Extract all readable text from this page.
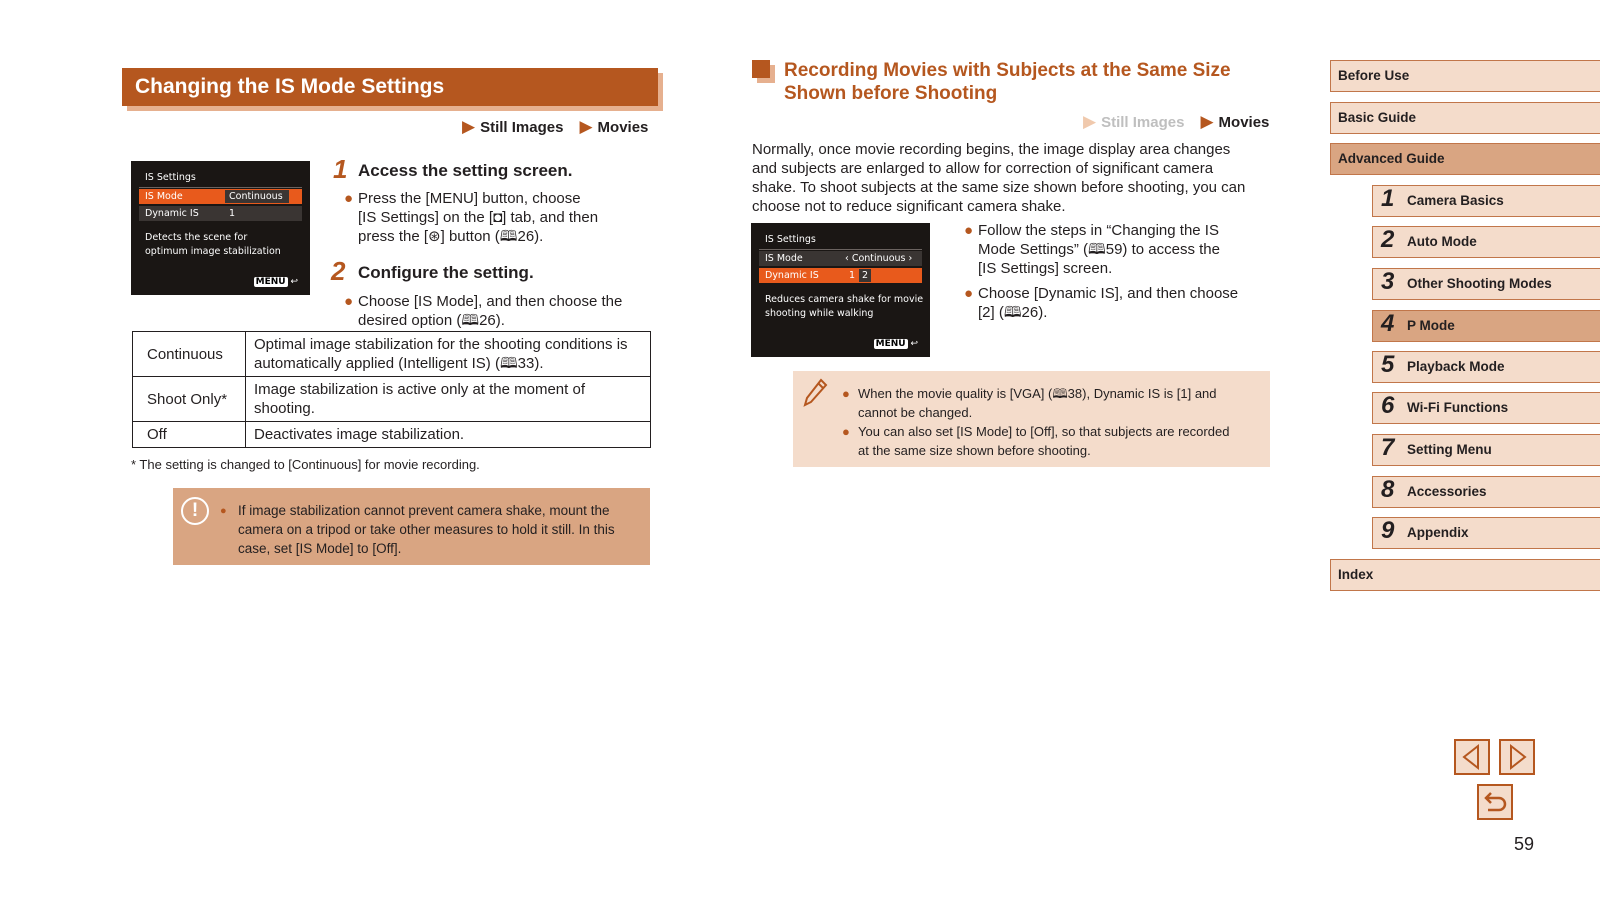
Changing the IS Mode Settings
▶ Still Images ▶ Movies
IS Settings
IS Mode	Continuous
Dynamic IS	1
Detects the scene for
optimum image stabilization
MENU ↩
1 Access the setting screen.
● Press the [MENU] button, choose
[IS Settings] on the [◘] tab, and then
press the [⊛] button (🕮26).
2 Configure the setting.
● Choose [IS Mode], and then choose the
desired option (🕮26).
Continuous	Optimal image stabilization for the shooting conditions is
automatically applied (Intelligent IS) (🕮33).

Shoot Only*	Image stabilization is active only at the moment of
shooting.

Off	Deactivates image stabilization.
* The setting is changed to [Continuous] for movie recording.
!	● If image stabilization cannot prevent camera shake, mount the
camera on a tripod or take other measures to hold it still. In this
case, set [IS Mode] to [Off].
Recording Movies with Subjects at the Same Size
Shown before Shooting
▶ Still Images ▶ Movies
Normally, once movie recording begins, the image display area changes
and subjects are enlarged to allow for correction of significant camera
shake. To shoot subjects at the same size shown before shooting, you can
choose not to reduce significant camera shake.
IS Settings
IS Mode	‹ Continuous ›
Dynamic IS	1 2
Reduces camera shake for movie
shooting while walking
MENU ↩
● Follow the steps in “Changing the IS
Mode Settings” (🕮59) to access the
[IS Settings] screen.
● Choose [Dynamic IS], and then choose
[2] (🕮26).
● When the movie quality is [VGA] (🕮38), Dynamic IS is [1] and
cannot be changed.
● You can also set [IS Mode] to [Off], so that subjects are recorded
at the same size shown before shooting.
Before Use
Basic Guide
Advanced Guide
1 Camera Basics
2 Auto Mode
3 Other Shooting Modes
4 P Mode
5 Playback Mode
6 Wi-Fi Functions
7 Setting Menu
8 Accessories
9 Appendix
Index
59
